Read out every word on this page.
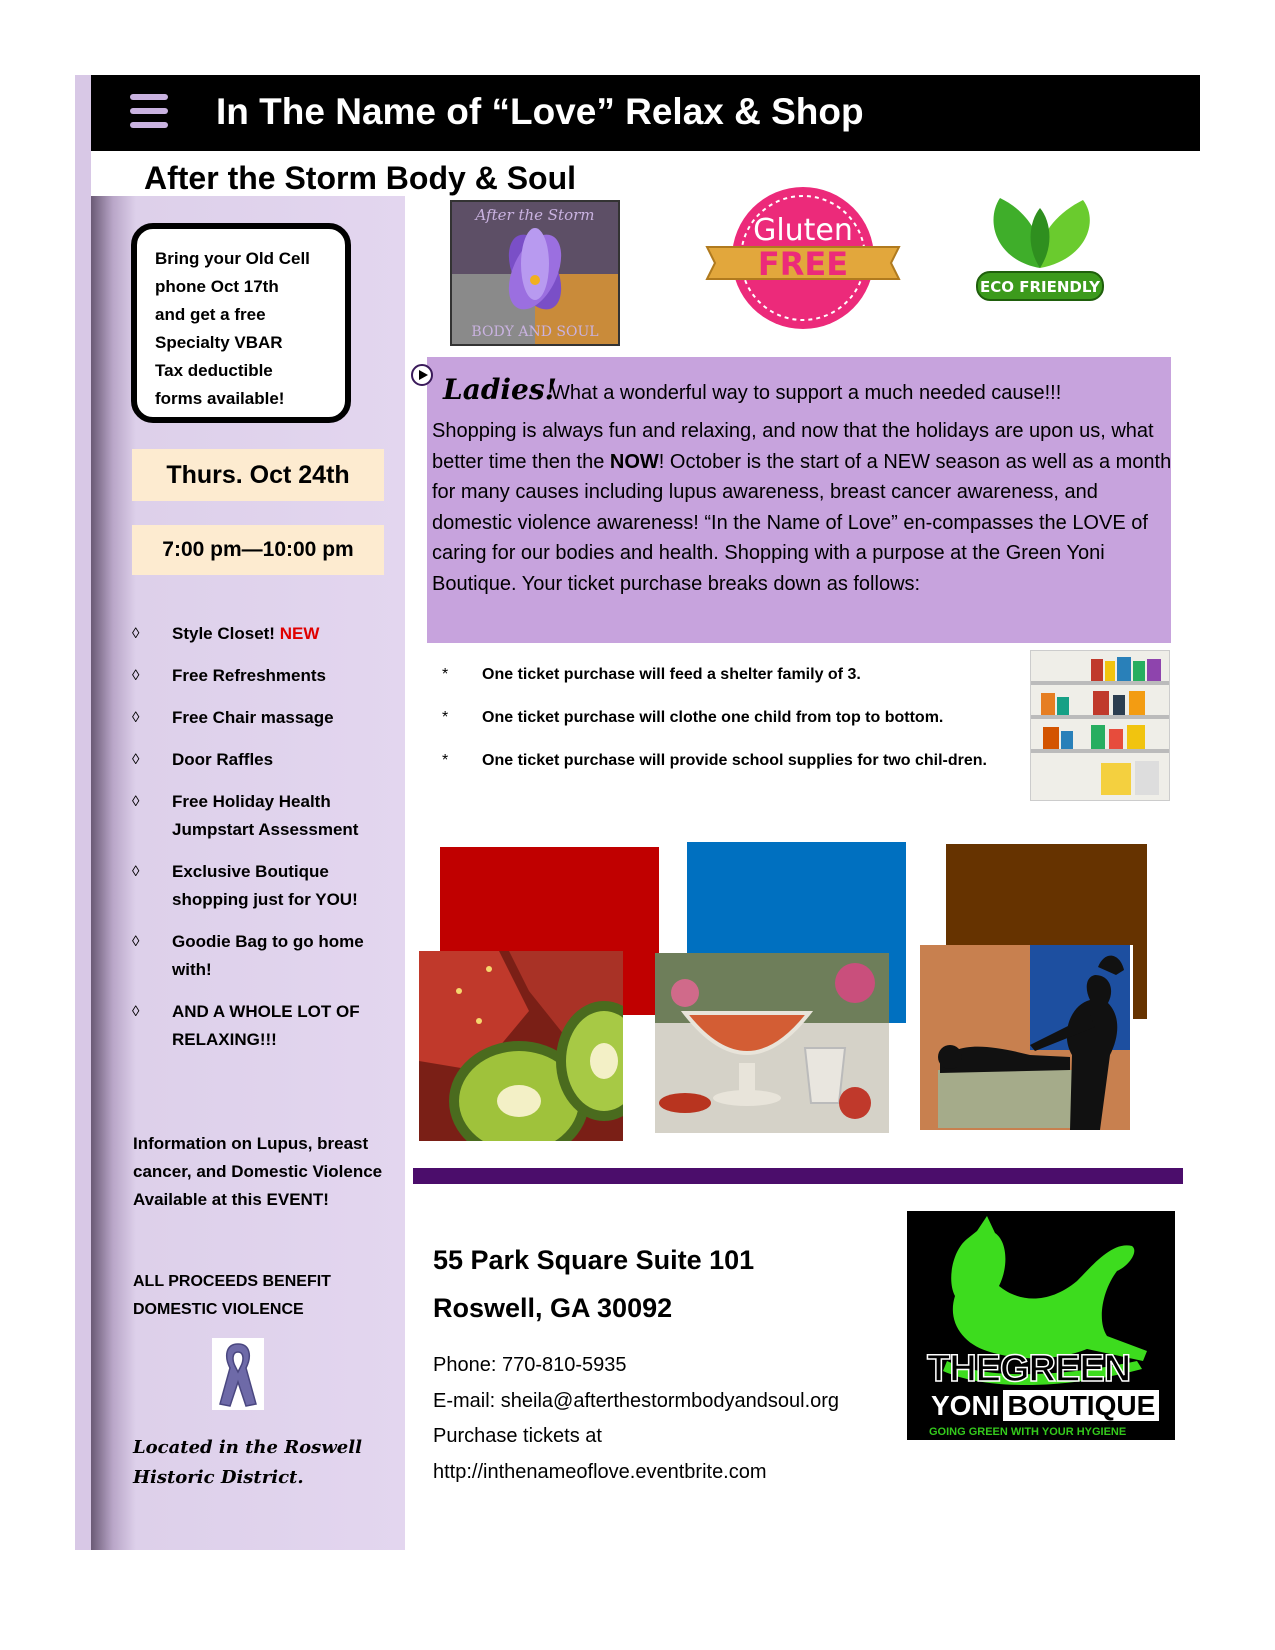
In The Name of “Love” Relax & Shop
After the Storm Body & Soul

Bring your Old Cell

phone Oct 17th

and get a free

Specialty VBAR

Tax deductible

forms available!

Thurs. Oct 24th
7:00 pm—10:00 pm
◊ Style Closet! NEW
◊ Free Refreshments
◊ Free Chair massage
◊ Door Raffles
◊ Free Holiday Health Jumpstart Assessment
◊ Exclusive Boutique shopping just for YOU!
◊ Goodie Bag to go home with!
◊ AND A WHOLE LOT OF RELAXING!!!

Information on Lupus, breast cancer, and Domestic Violence Available at this EVENT!

ALL PROCEEDS BENEFIT DOMESTIC VIOLENCE

Located in the Roswell Historic District.

After the Storm
BODY AND SOUL
Gluten
FREE
ECO FRIENDLY
Ladies!
What a wonderful way to support a much needed cause!!!

Shopping is always fun and relaxing, and now that the holidays are upon us, what better time then the NOW! October is the start of a NEW season as well as a month for many causes including lupus awareness, breast cancer awareness, and domestic violence awareness! “In the Name of Love” en-compasses the LOVE of caring for our bodies and health. Shopping with a purpose at the Green Yoni Boutique. Your ticket purchase breaks down as follows:

* One ticket purchase will feed a shelter family of 3.
* One ticket purchase will clothe one child from top to bottom.
* One ticket purchase will provide school supplies for two chil-dren.
55 Park Square Suite 101
Roswell, GA 30092
Phone: 770-810-5935
E-mail: sheila@afterthestormbodyandsoul.org
Purchase tickets at
http://inthenameoflove.eventbrite.com
THEGREEN
YONI BOUTIQUE
GOING GREEN WITH YOUR HYGIENE
